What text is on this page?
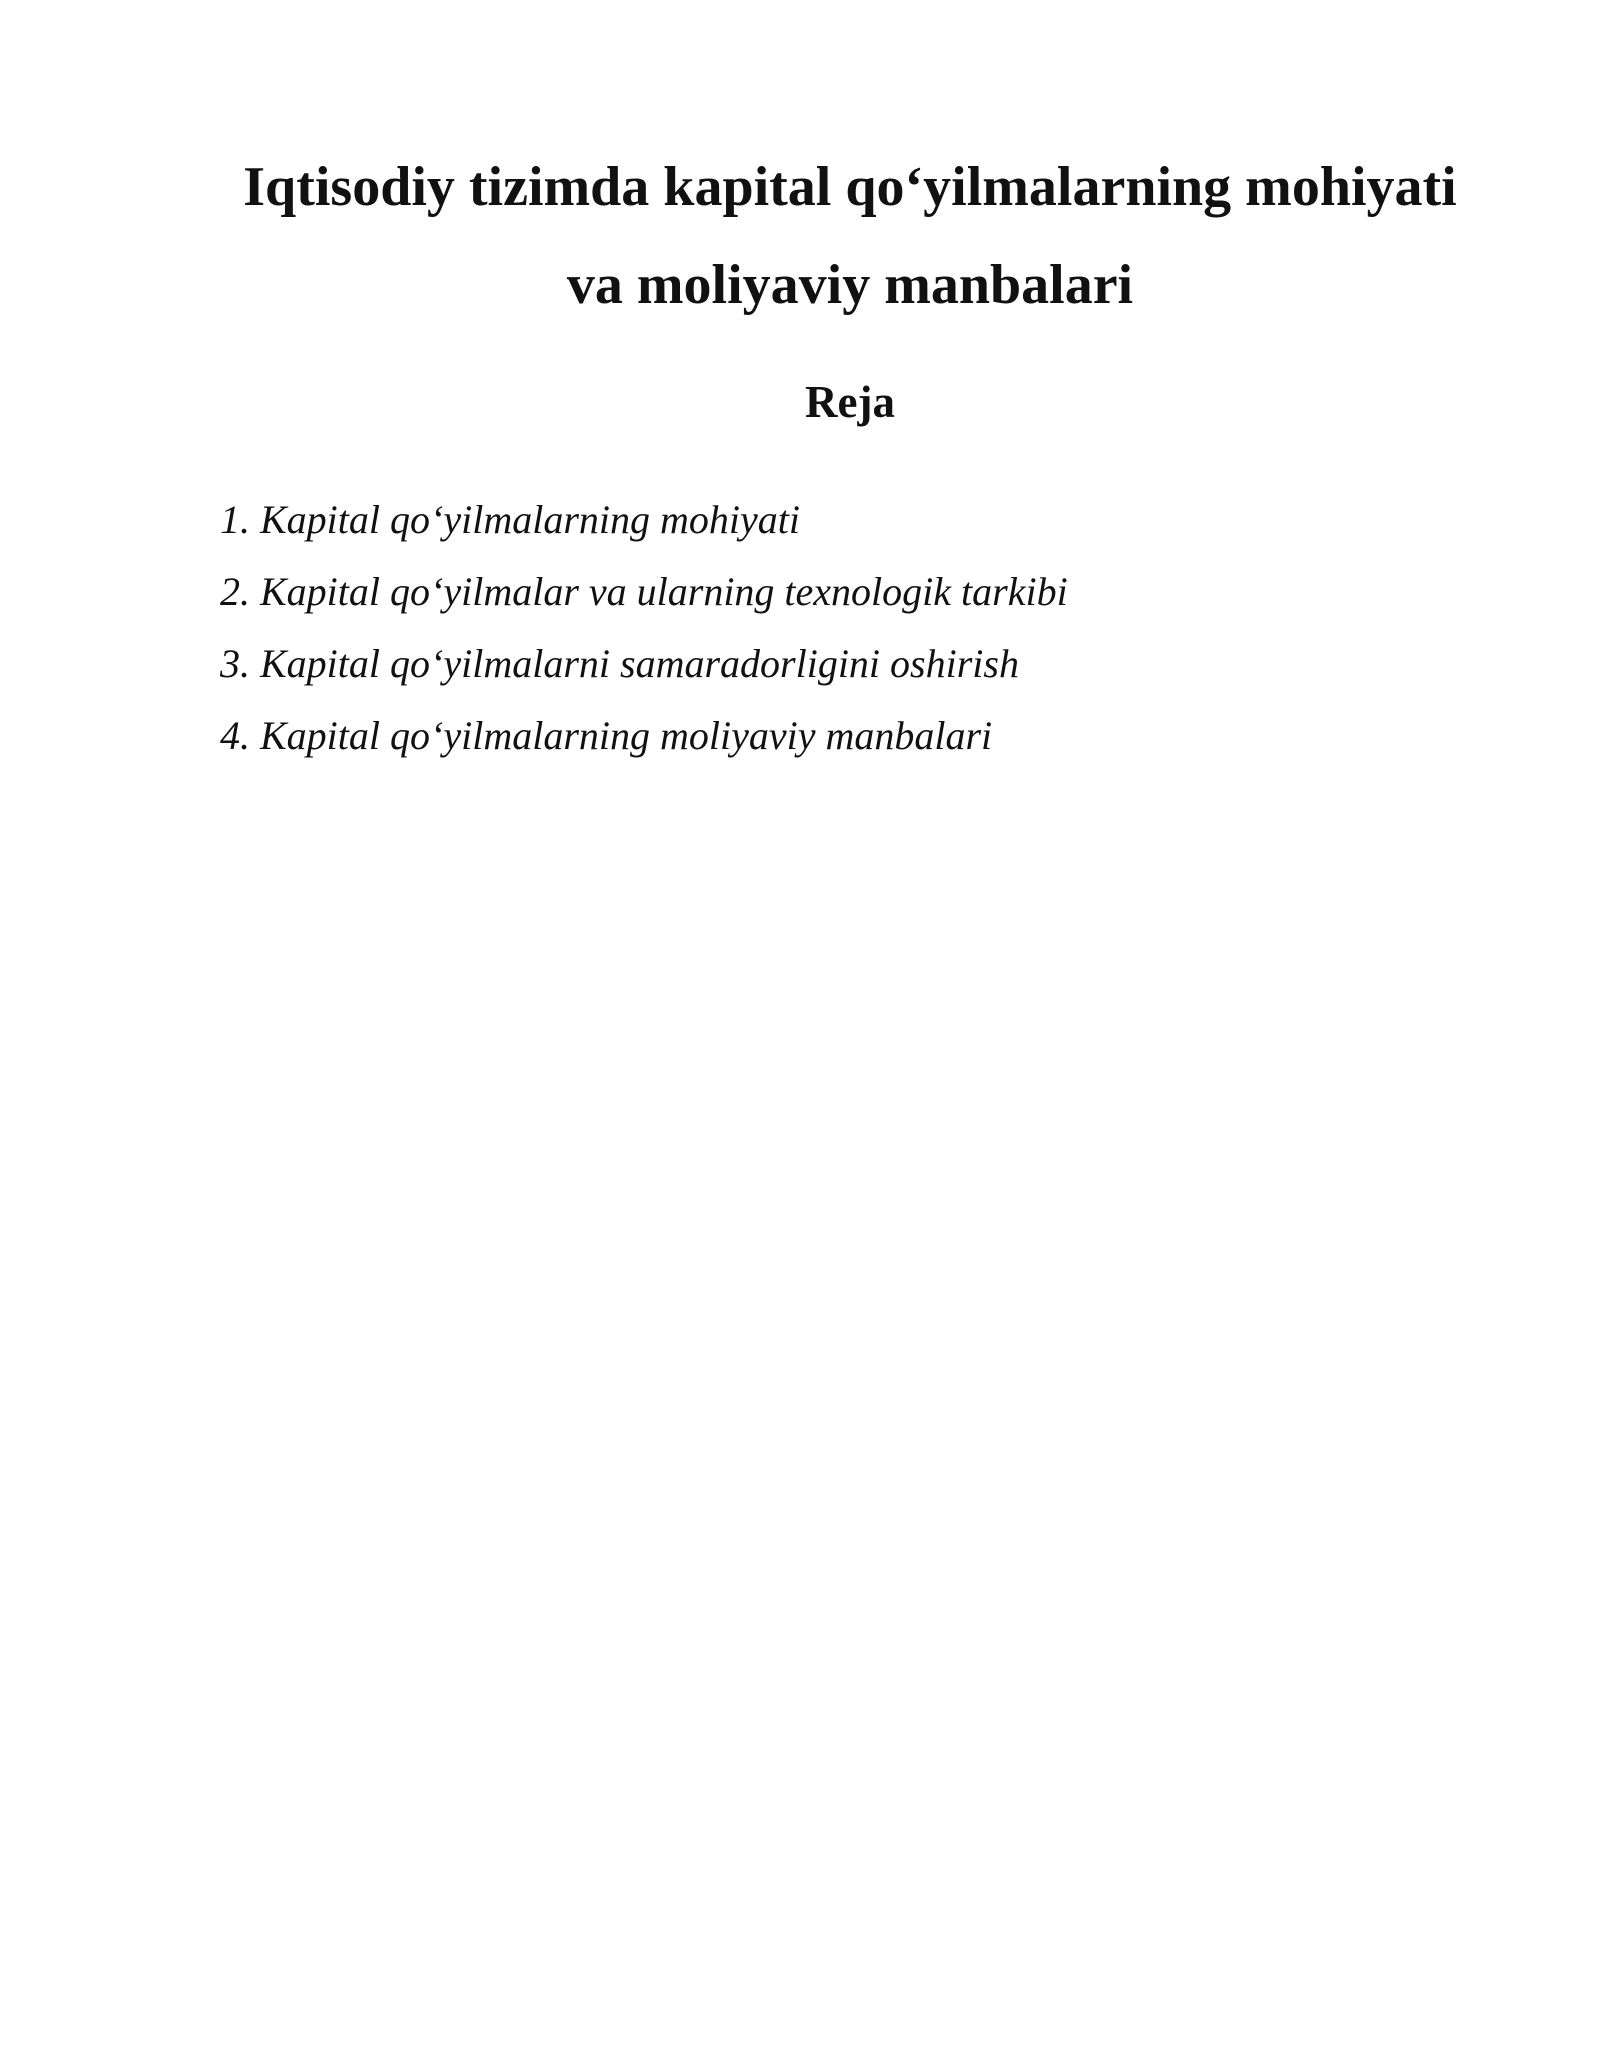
Iqtisodiy tizimda kapital qo‘yilmalarning mohiyati
va moliyaviy manbalari
Reja
1. Kapital qo‘yilmalarning mohiyati
2. Kapital qo‘yilmalar va ularning texnologik tarkibi
3. Kapital qo‘yilmalarni samaradorligini oshirish
4. Kapital qo‘yilmalarning moliyaviy manbalari
